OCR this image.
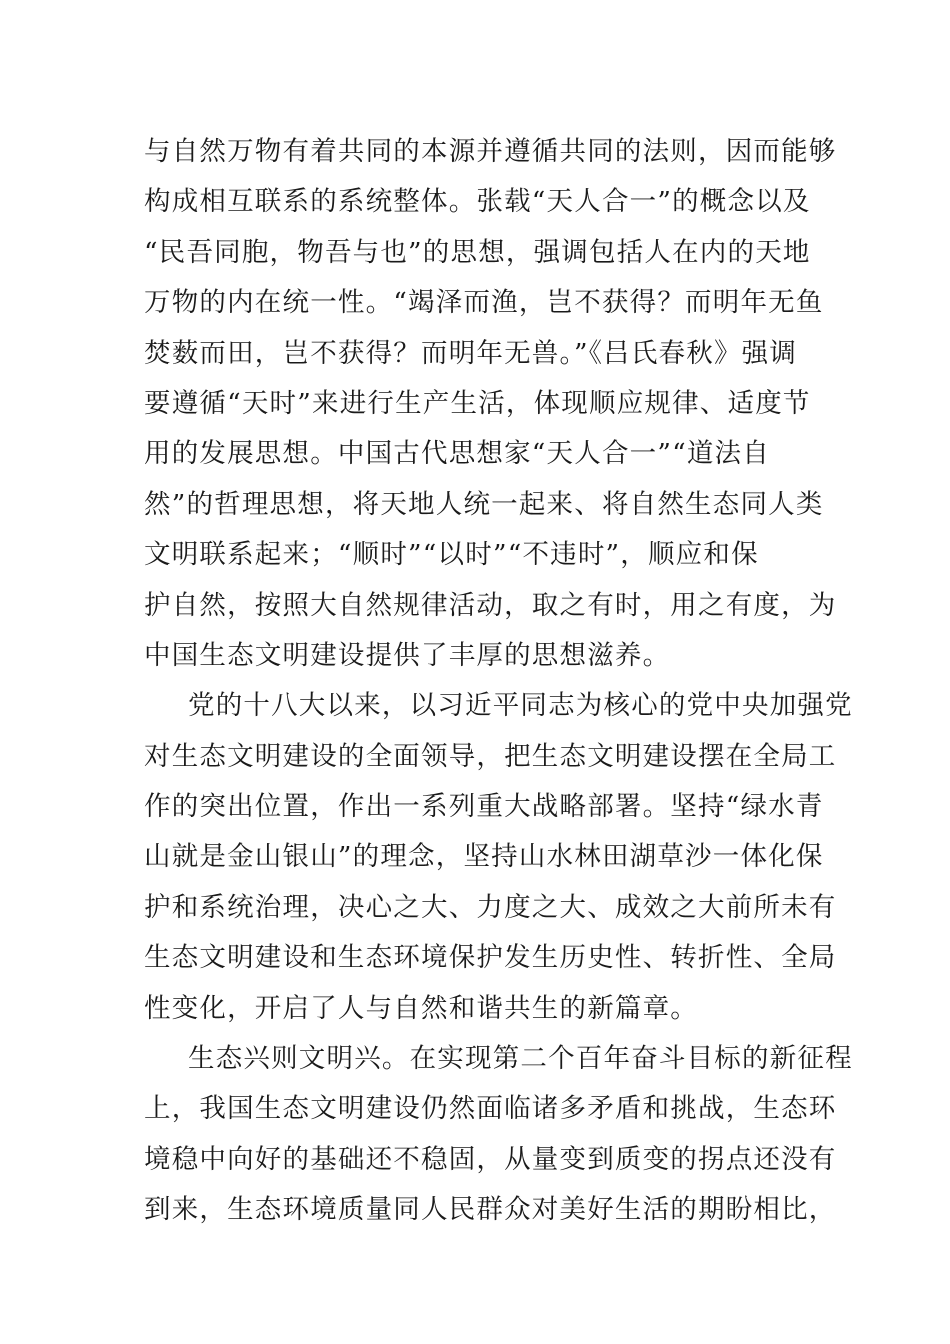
与自然万物有着共同的本源并遵循共同的法则，因而能够
构成相互联系的系统整体。张载“天人合一”的概念以及
“民吾同胞，物吾与也”的思想，强调包括人在内的天地
万物的内在统一性。“竭泽而渔，岂不获得？而明年无鱼
焚薮而田，岂不获得？而明年无兽。”《吕氏春秋》强调
要遵循“天时”来进行生产生活，体现顺应规律、适度节
用的发展思想。中国古代思想家“天人合一”“道法自
然”的哲理思想，将天地人统一起来、将自然生态同人类
文明联系起来；“顺时”“以时”“不违时”，顺应和保
护自然，按照大自然规律活动，取之有时，用之有度，为
中国生态文明建设提供了丰厚的思想滋养。
党的十八大以来，以习近平同志为核心的党中央加强党
对生态文明建设的全面领导，把生态文明建设摆在全局工
作的突出位置，作出一系列重大战略部署。坚持“绿水青
山就是金山银山”的理念，坚持山水林田湖草沙一体化保
护和系统治理，决心之大、力度之大、成效之大前所未有
生态文明建设和生态环境保护发生历史性、转折性、全局
性变化，开启了人与自然和谐共生的新篇章。
生态兴则文明兴。在实现第二个百年奋斗目标的新征程
上，我国生态文明建设仍然面临诸多矛盾和挑战，生态环
境稳中向好的基础还不稳固，从量变到质变的拐点还没有
到来，生态环境质量同人民群众对美好生活的期盼相比，
